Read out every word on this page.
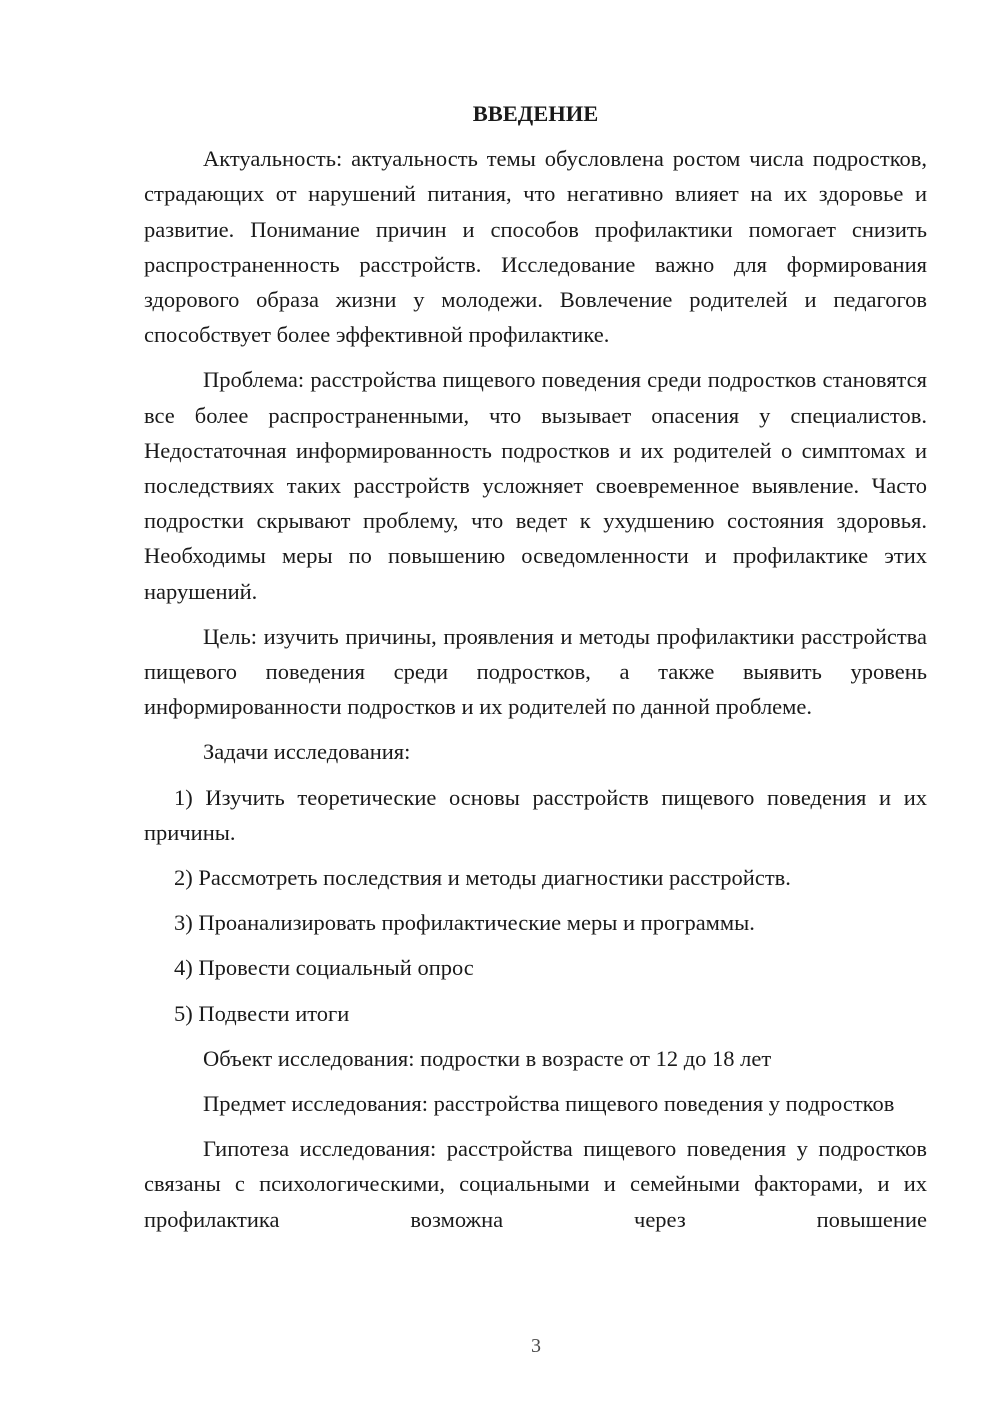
ВВЕДЕНИЕ
Актуальность: актуальность темы обусловлена ростом числа подростков, страдающих от нарушений питания, что негативно влияет на их здоровье и развитие. Понимание причин и способов профилактики помогает снизить распространенность расстройств. Исследование важно для формирования здорового образа жизни у молодежи. Вовлечение родителей и педагогов способствует более эффективной профилактике.
Проблема: расстройства пищевого поведения среди подростков становятся все более распространенными, что вызывает опасения у специалистов. Недостаточная информированность подростков и их родителей о симптомах и последствиях таких расстройств усложняет своевременное выявление. Часто подростки скрывают проблему, что ведет к ухудшению состояния здоровья. Необходимы меры по повышению осведомленности и профилактике этих нарушений.
Цель: изучить причины, проявления и методы профилактики расстройства пищевого поведения среди подростков, а также выявить уровень информированности подростков и их родителей по данной проблеме.
Задачи исследования:
1) Изучить теоретические основы расстройств пищевого поведения и их причины.
2) Рассмотреть последствия и методы диагностики расстройств.
3) Проанализировать профилактические меры и программы.
4) Провести социальный опрос
5) Подвести итоги
Объект исследования: подростки в возрасте от 12 до 18 лет
Предмет исследования: расстройства пищевого поведения у подростков
Гипотеза исследования: расстройства пищевого поведения у подростков связаны с психологическими, социальными и семейными факторами, и их профилактика возможна через повышение
3
